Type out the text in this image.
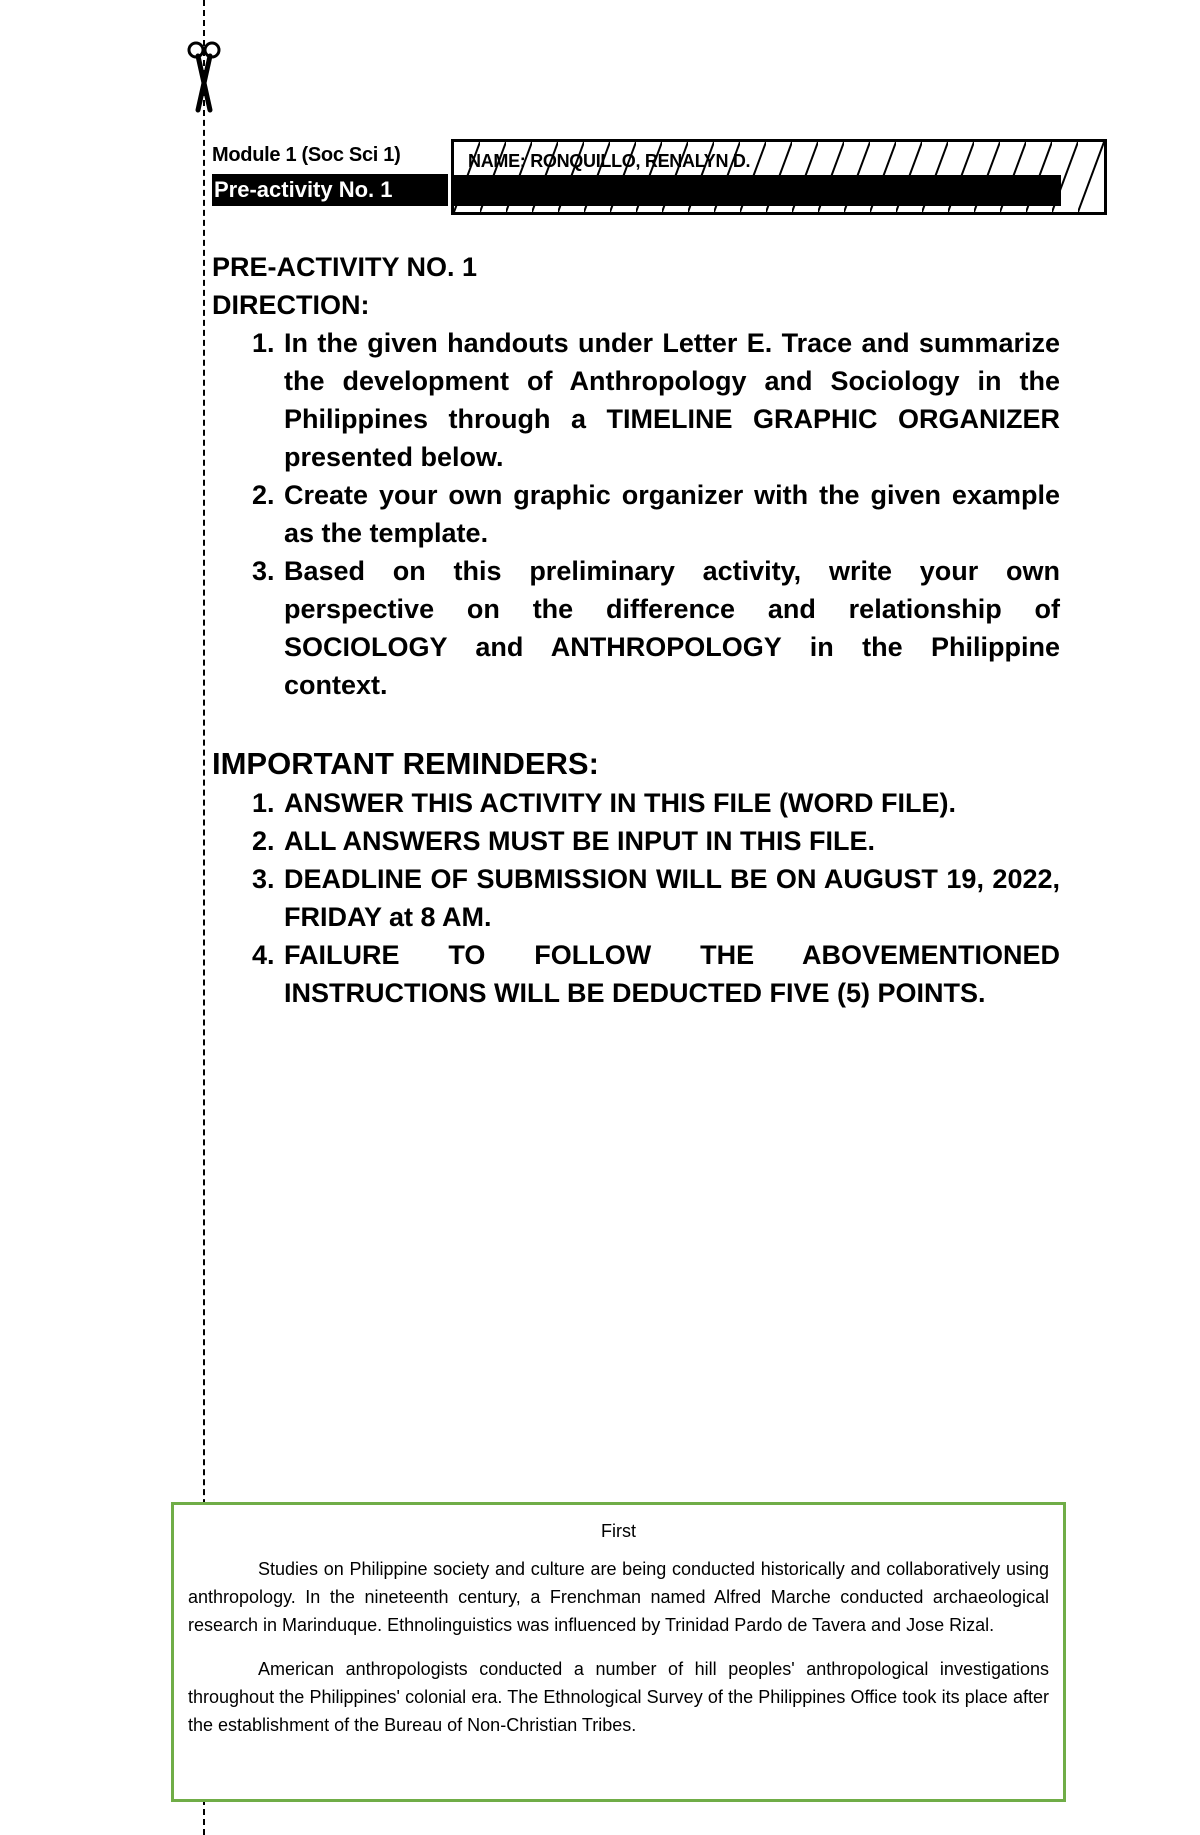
Module 1 (Soc Sci 1)
Pre-activity No. 1
NAME: RONQUILLO, RENALYN D.

PRE-ACTIVITY NO. 1

DIRECTION:

1. In the given handouts under Letter E. Trace and summarize the development of Anthropology and Sociology in the Philippines through a TIMELINE GRAPHIC ORGANIZER presented below.
2. Create your own graphic organizer with the given example as the template.
3. Based on this preliminary activity, write your own perspective on the difference and relationship of SOCIOLOGY and ANTHROPOLOGY in the Philippine context.

IMPORTANT REMINDERS:

1. ANSWER THIS ACTIVITY IN THIS FILE (WORD FILE).
2. ALL ANSWERS MUST BE INPUT IN THIS FILE.
3. DEADLINE OF SUBMISSION WILL BE ON AUGUST 19, 2022, FRIDAY at 8 AM.
4. FAILURE TO FOLLOW THE ABOVEMENTIONED INSTRUCTIONS WILL BE DEDUCTED FIVE (5) POINTS.
First

Studies on Philippine society and culture are being conducted historically and collaboratively using anthropology. In the nineteenth century, a Frenchman named Alfred Marche conducted archaeological research in Marinduque. Ethnolinguistics was influenced by Trinidad Pardo de Tavera and Jose Rizal.

American anthropologists conducted a number of hill peoples' anthropological investigations throughout the Philippines' colonial era. The Ethnological Survey of the Philippines Office took its place after the establishment of the Bureau of Non-Christian Tribes.
